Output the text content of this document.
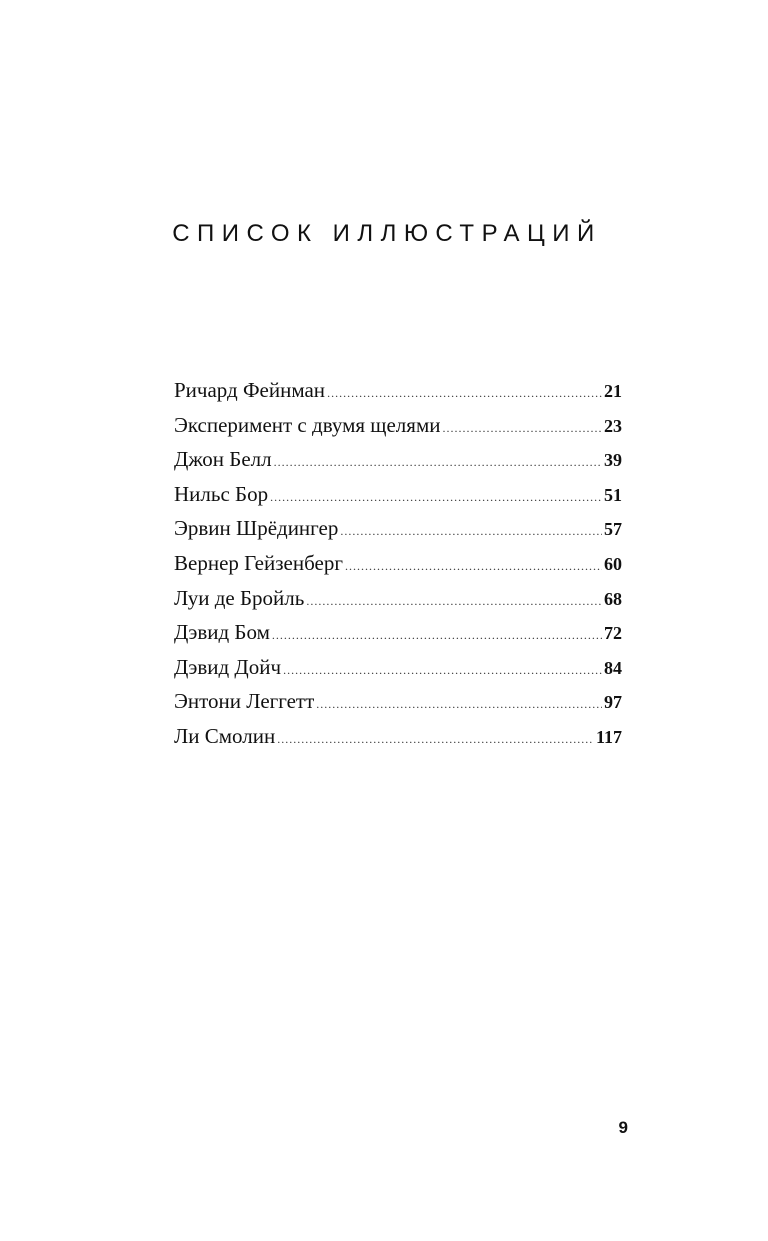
СПИСОК ИЛЛЮСТРАЦИЙ
Ричард Фейнман .....	21
Эксперимент с двумя щелями .....	23
Джон Белл .....	39
Нильс Бор .....	51
Эрвин Шрёдингер .....	57
Вернер Гейзенберг .....	60
Луи де Бройль .....	68
Дэвид Бом .....	72
Дэвид Дойч .....	84
Энтони Леггетт .....	97
Ли Смолин .....	117
9
